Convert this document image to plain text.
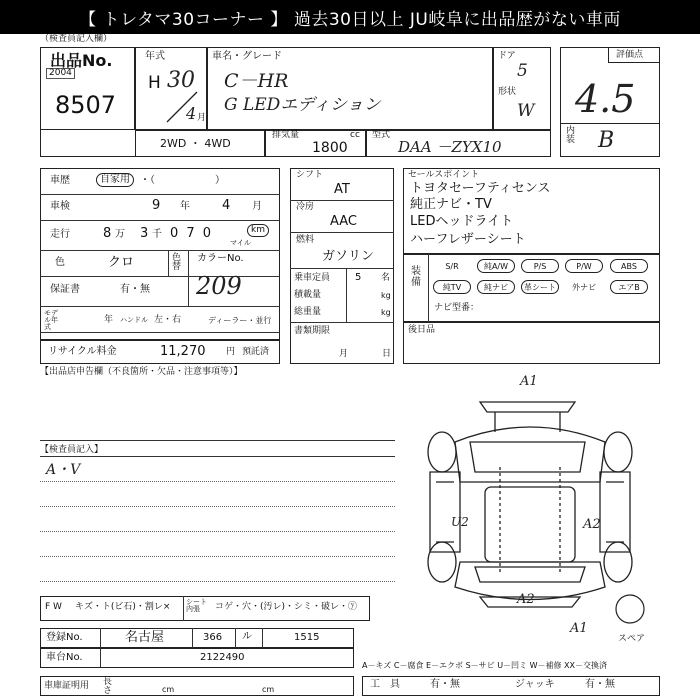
【 トレタマ30コーナー 】 過去30日以上 JU岐阜に出品歴がない車両
（検査員記入欄）
出品No.
2004
8507
年式
H 30
4 月
車名・グレード
C－HR
G LEDエディション
ドア
5
形状
W
2WD ・ 4WD
排気量	cc
1800
型式
DAA －ZYX10
評価点
4.5
内装 B
車歴	自家用	・（　　　　　　）
車検	9 年 4 月
走行	8 万 3 千 0 7 0	km
マイル
色	クロ	色替
カラーNo.
209
保証書	有・無
モデル年式
年 ハンドル 左・右	ディーラー・並行
リサイクル料金	11,270 円 預託済
シフト
AT
冷房
AAC
燃料
ガソリン
乗車定員 5 名
積載量	kg
総重量	kg
書類期限
月	日
セールスポイント
トヨタセーフティセンス
純正ナビ・TV
LEDヘッドライト
ハーフレザーシート
装備
S/R	純A/W	P/S	P/W	ABS
純TV	純ナビ	革シート	外ナビ	エアB
ナビ型番：
後日品
【出品店申告欄（不良箇所・欠品・注意事項等）】
【検査員記入】
A・V
A1
A2
U2
A2
A1
スペア
F W キズ・ト(ビ石)・割レ× シート内張	コゲ・穴・(汚レ)・シミ・破レ・ⓨ
登録No.	名古屋	366 ル	1515
車台No.	2122490
A－キズ C－腐食 E－エクボ S－サビ U－凹ミ W－補修 XX－交換済
車庫証明用 長さ	cm	cm	工　具	有・無	ジャッキ	有・無
